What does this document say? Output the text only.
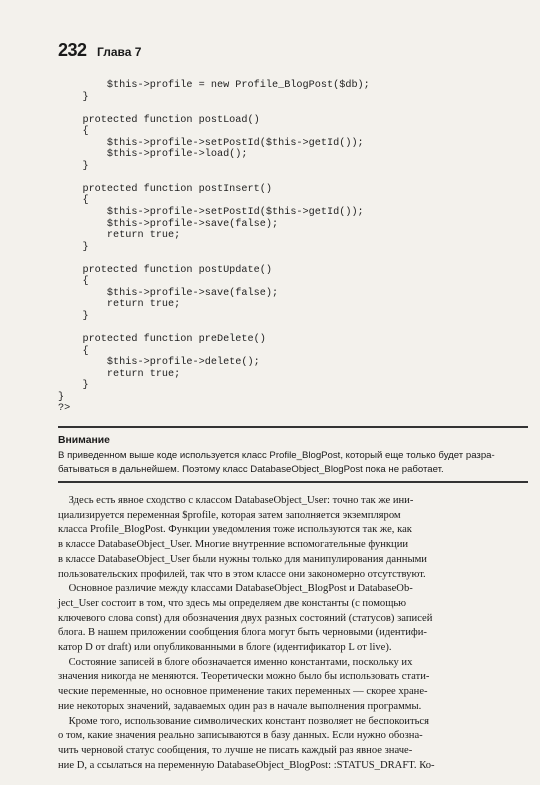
232 Глава 7
$this->profile = new Profile_BlogPost($db);
}

protected function postLoad()
{
$this->profile->setPostId($this->getId());
$this->profile->load();
}

protected function postInsert()
{
$this->profile->setPostId($this->getId());
$this->profile->save(false);
return true;
}

protected function postUpdate()
{
$this->profile->save(false);
return true;
}

protected function preDelete()
{
$this->profile->delete();
return true;
}
}
?>
Внимание
В приведенном выше коде используется класс Profile_BlogPost, который еще только будет разра-
батываться в дальнейшем. Поэтому класс DatabaseObject_BlogPost пока не работает.

Здесь есть явное сходство с классом DatabaseObject_User: точно так же ини-

циализируется переменная $profile, которая затем заполняется экземпляром

класса Profile_BlogPost. Функции уведомления тоже используются так же, как

в классе DatabaseObject_User. Многие внутренние вспомогательные функции

в классе DatabaseObject_User были нужны только для манипулирования данными

пользовательских профилей, так что в этом классе они закономерно отсутствуют.

Основное различие между классами DatabaseObject_BlogPost и DatabaseOb-

ject_User состоит в том, что здесь мы определяем две константы (с помощью

ключевого слова const) для обозначения двух разных состояний (статусов) записей

блога. В нашем приложении сообщения блога могут быть черновыми (идентифи-

катор D от draft) или опубликованными в блоге (идентификатор L от live).

Состояние записей в блоге обозначается именно константами, поскольку их

значения никогда не меняются. Теоретически можно было бы использовать стати-

ческие переменные, но основное применение таких переменных — скорее хране-

ние некоторых значений, задаваемых один раз в начале выполнения программы.

Кроме того, использование символических констант позволяет не беспокоиться

о том, какие значения реально записываются в базу данных. Если нужно обозна-

чить черновой статус сообщения, то лучше не писать каждый раз явное значе-

ние D, а ссылаться на переменную DatabaseObject_BlogPost: :STATUS_DRAFT. Ко-
